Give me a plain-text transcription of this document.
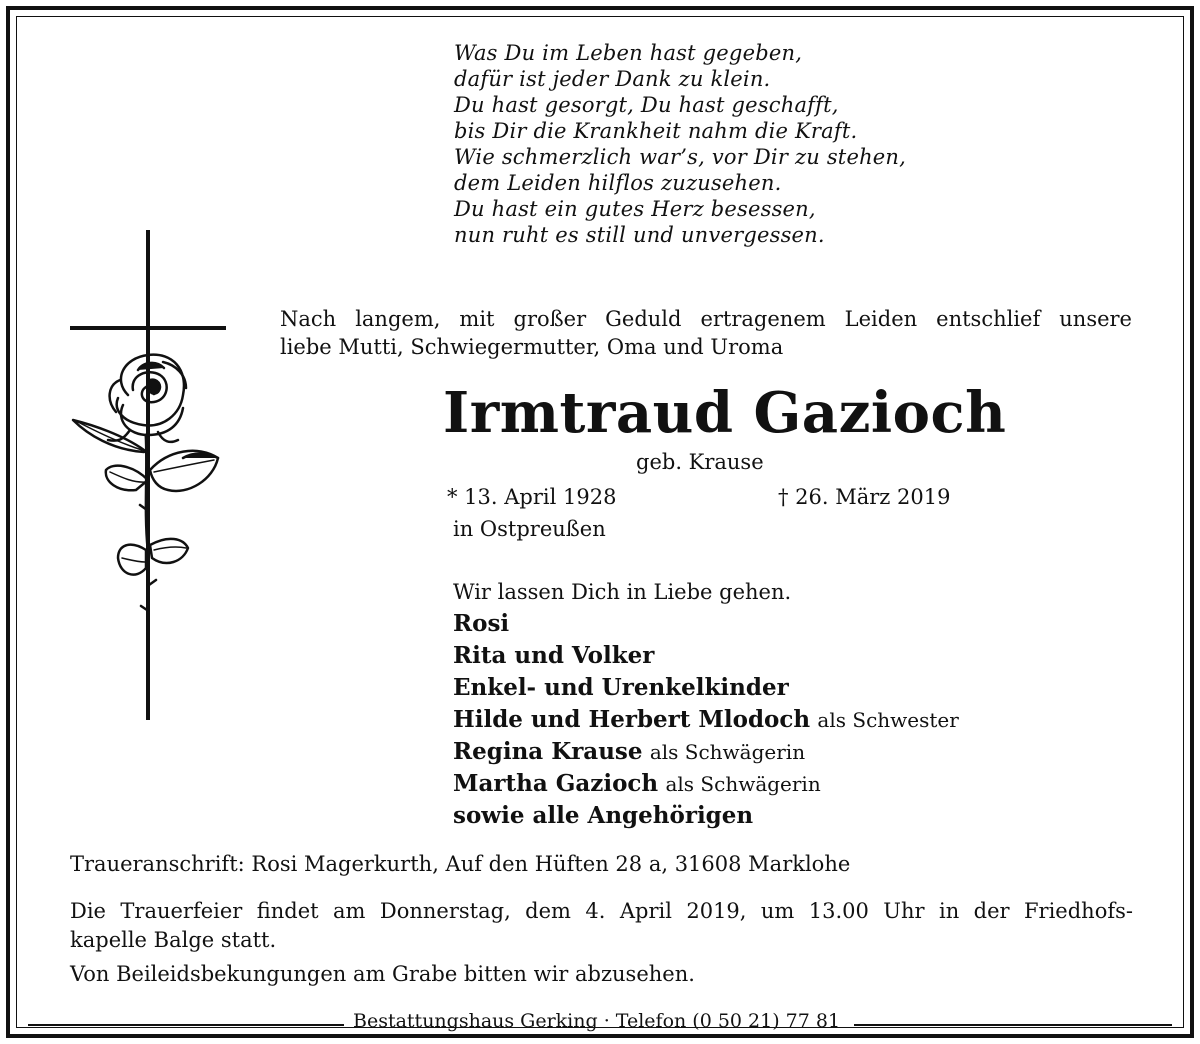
Was Du im Leben hast gegeben,
dafür ist jeder Dank zu klein.
Du hast gesorgt, Du hast geschafft,
bis Dir die Krankheit nahm die Kraft.
Wie schmerzlich war’s, vor Dir zu stehen,
dem Leiden hilflos zuzusehen.
Du hast ein gutes Herz besessen,
nun ruht es still und unvergessen.
Nach langem, mit großer Geduld ertragenem Leiden entschlief unsere
liebe Mutti, Schwiegermutter, Oma und Uroma
Irmtraud Gazioch
geb. Krause
* 13. April 1928	† 26. März 2019
in Ostpreußen
Wir lassen Dich in Liebe gehen.
Rosi
Rita und Volker
Enkel- und Urenkelkinder
Hilde und Herbert Mlodoch als Schwester
Regina Krause als Schwägerin
Martha Gazioch als Schwägerin
sowie alle Angehörigen
Traueranschrift: Rosi Magerkurth, Auf den Hüften 28 a, 31608 Marklohe
Die Trauerfeier findet am Donnerstag, dem 4. April 2019, um 13.00 Uhr in der Friedhofs-
kapelle Balge statt.
Von Beileidsbekungungen am Grabe bitten wir abzusehen.
Bestattungshaus Gerking · Telefon (0 50 21) 77 81
